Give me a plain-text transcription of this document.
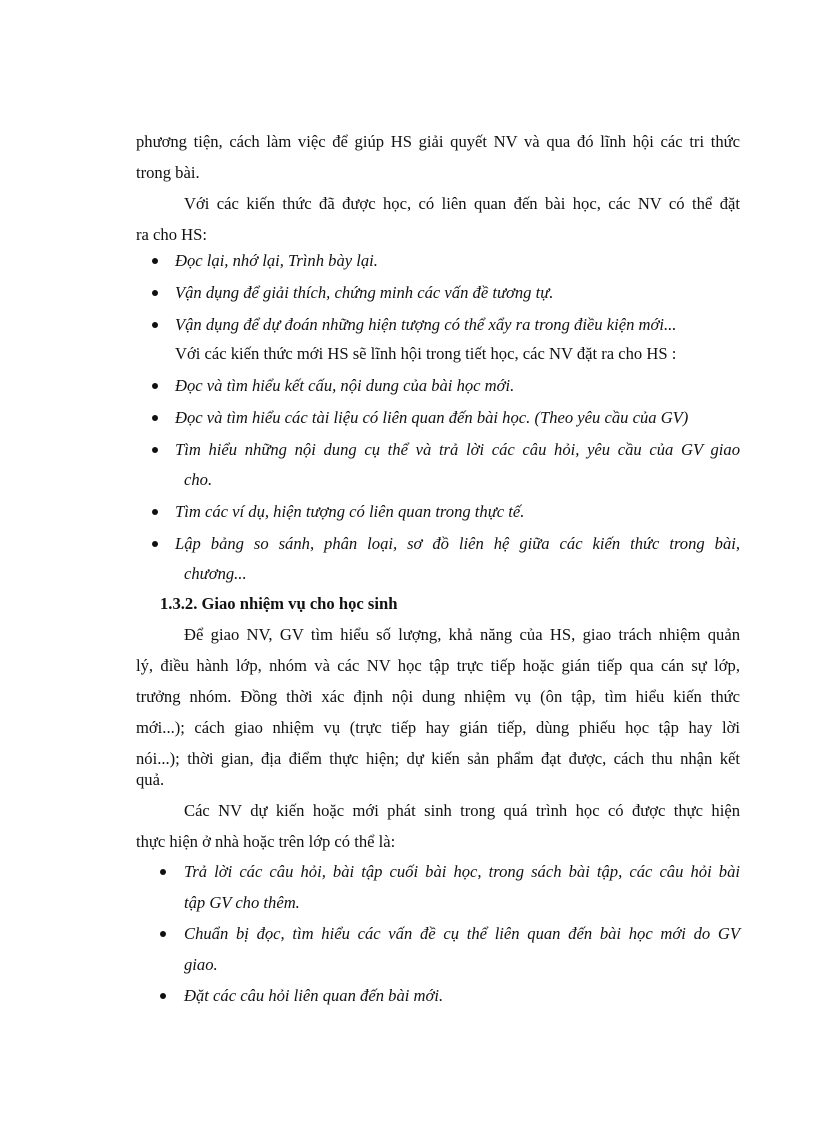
phương tiện, cách làm việc để giúp HS giải quyết NV và qua đó lĩnh hội các tri thức
trong bài.
Với các kiến thức đã được học, có liên quan đến bài học, các NV có thể đặt
ra cho HS:
Đọc lại, nhớ lại, Trình bày lại.
Vận dụng để giải thích, chứng minh các vấn đề tương tự.
Vận dụng để dự đoán những hiện tượng có thể xẩy ra trong điều kiện mới...
Với các kiến thức mới HS sẽ lĩnh hội trong tiết học, các NV đặt ra cho HS :
Đọc và tìm hiểu kết cấu, nội dung của bài học mới.
Đọc và tìm hiểu các tài liệu có liên quan đến bài học. (Theo yêu cầu của GV)
Tìm hiểu những nội dung cụ thể và trả lời các câu hỏi, yêu cầu của GV giao
cho.
Tìm các ví dụ, hiện tượng có liên quan trong thực tế.
Lập bảng so sánh, phân loại, sơ đồ liên hệ giữa các kiến thức trong bài,
chương...
1.3.2. Giao nhiệm vụ cho học sinh
Để giao NV, GV tìm hiểu số lượng, khả năng của HS, giao trách nhiệm quản
lý, điều hành lớp, nhóm và các NV học tập trực tiếp hoặc gián tiếp qua cán sự lớp,
trưởng nhóm. Đồng thời xác định nội dung nhiệm vụ (ôn tập, tìm hiểu kiến thức
mới...); cách giao nhiệm vụ (trực tiếp hay gián tiếp, dùng phiếu học tập hay lời
nói...); thời gian, địa điểm thực hiện; dự kiến sản phẩm đạt được, cách thu nhận kết
quả.
Các NV dự kiến hoặc mới phát sinh trong quá trình học có được thực hiện
thực hiện ở nhà hoặc trên lớp có thể là:
Trả lời các câu hỏi, bài tập cuối bài học, trong sách bài tập, các câu hỏi bài
tập GV cho thêm.
Chuẩn bị đọc, tìm hiểu các vấn đề cụ thể liên quan đến bài học mới do GV
giao.
Đặt các câu hỏi liên quan đến bài mới.
